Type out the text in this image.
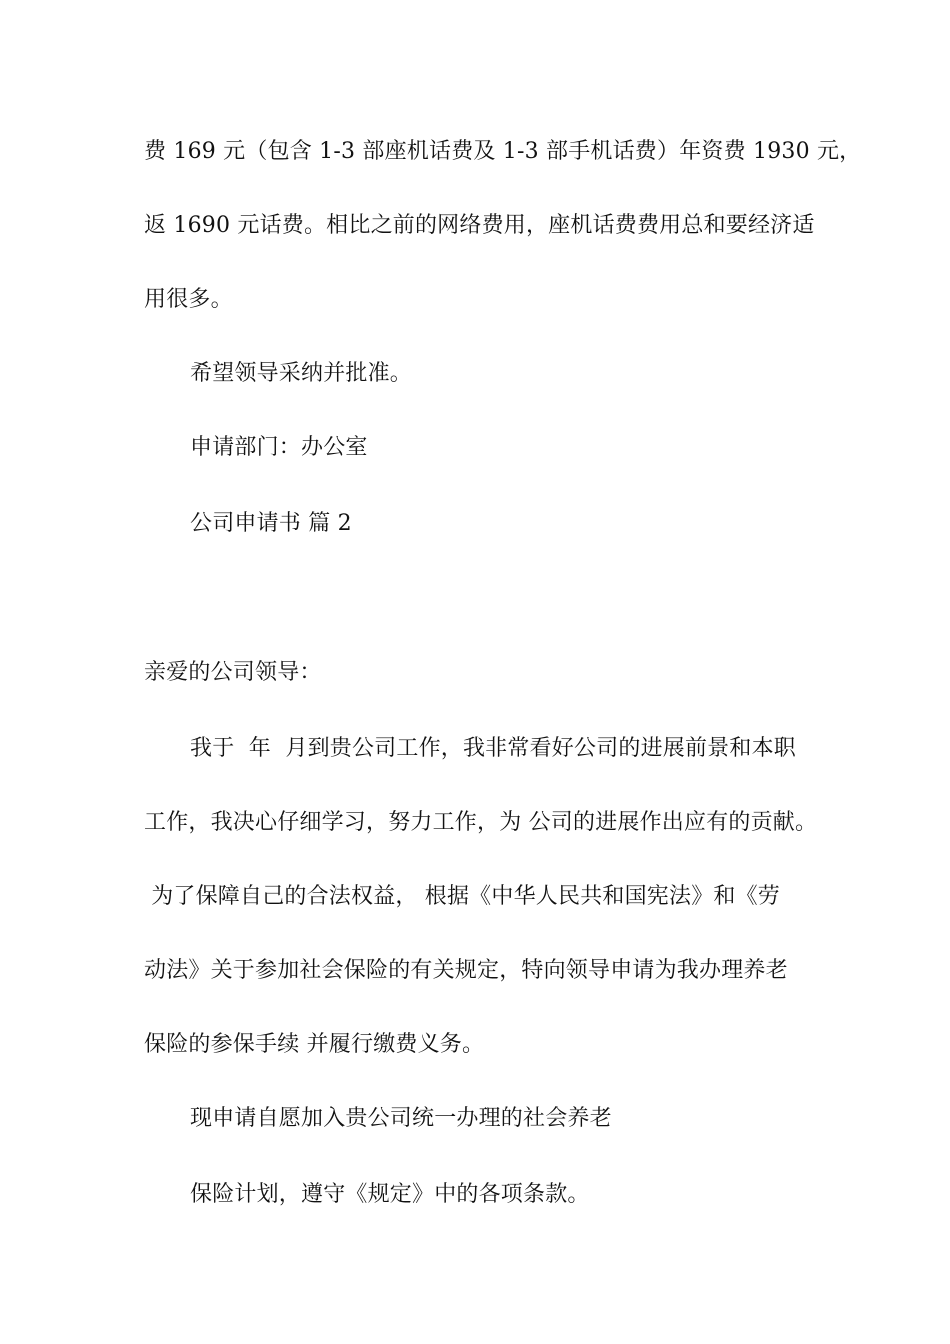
费 169 元（包含 1-3 部座机话费及 1-3 部手机话费）年资费 1930 元，
返 1690 元话费。相比之前的网络费用，座机话费费用总和要经济适
用很多。
希望领导采纳并批准。
申请部门：办公室
公司申请书 篇 2
亲爱的公司领导：
我于  年  月到贵公司工作，我非常看好公司的进展前景和本职
工作，我决心仔细学习，努力工作，为 公司的进展作出应有的贡献。
为了保障自己的合法权益， 根据《中华人民共和国宪法》和《劳
动法》关于参加社会保险的有关规定，特向领导申请为我办理养老
保险的参保手续 并履行缴费义务。
现申请自愿加入贵公司统一办理的社会养老
保险计划，遵守《规定》中的各项条款。
